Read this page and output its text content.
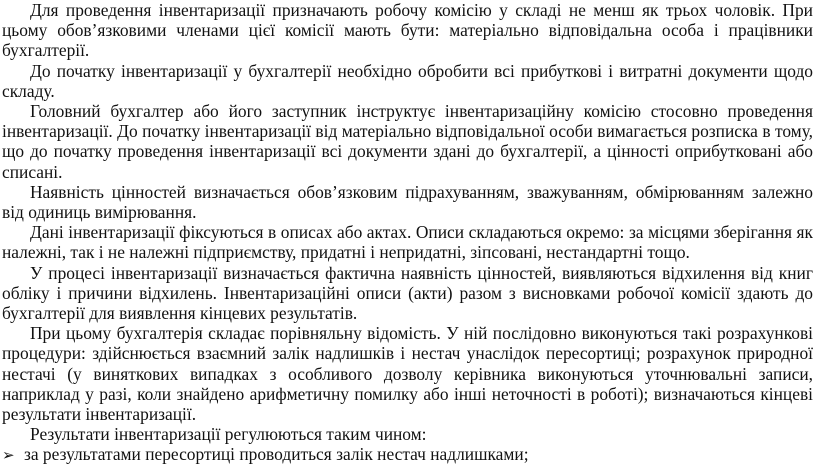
Для проведення інвентаризації призначають робочу комісію у складі не менш як трьох чоловік. При цьому обов’язковими членами цієї комісії мають бути: матеріально відповідальна особа і працівники бухгалтерії.

До початку інвентаризації у бухгалтерії необхідно обробити всі прибуткові і витратні документи щодо складу.

Головний бухгалтер або його заступник інструктує інвентаризаційну комісію стосовно проведення інвентаризації. До початку інвентаризації від матеріально відповідальної особи вимагається розписка в тому, що до початку проведення інвентаризації всі документи здані до бухгалтерії, а цінності оприбутковані або списані.

Наявність цінностей визначається обов’язковим підрахуванням, зважуванням, обмірюванням залежно від одиниць вимірювання.

Дані інвентаризації фіксуються в описах або актах. Описи складаються окремо: за місцями зберігання як належні, так і не належні підприємству, придатні і непридатні, зіпсовані, нестандартні тощо.

У процесі інвентаризації визначається фактична наявність цінностей, виявляються відхилення від книг обліку і причини відхилень. Інвентаризаційні описи (акти) разом з висновками робочої комісії здають до бухгалтерії для виявлення кінцевих результатів.

При цьому бухгалтерія складає порівняльну відомість. У ній послідовно виконуються такі розрахункові процедури: здійснюється взаємний залік надлишків і нестач унаслідок пересортиці; розрахунок природної нестачі (у виняткових випадках з особливого дозволу керівника виконуються уточнювальні записи, наприклад у разі, коли знайдено арифметичну помилку або інші неточності в роботі); визначаються кінцеві результати інвентаризації.

Результати інвентаризації регулюються таким чином:

➢ за результатами пересортиці проводиться залік нестач надлишками;
